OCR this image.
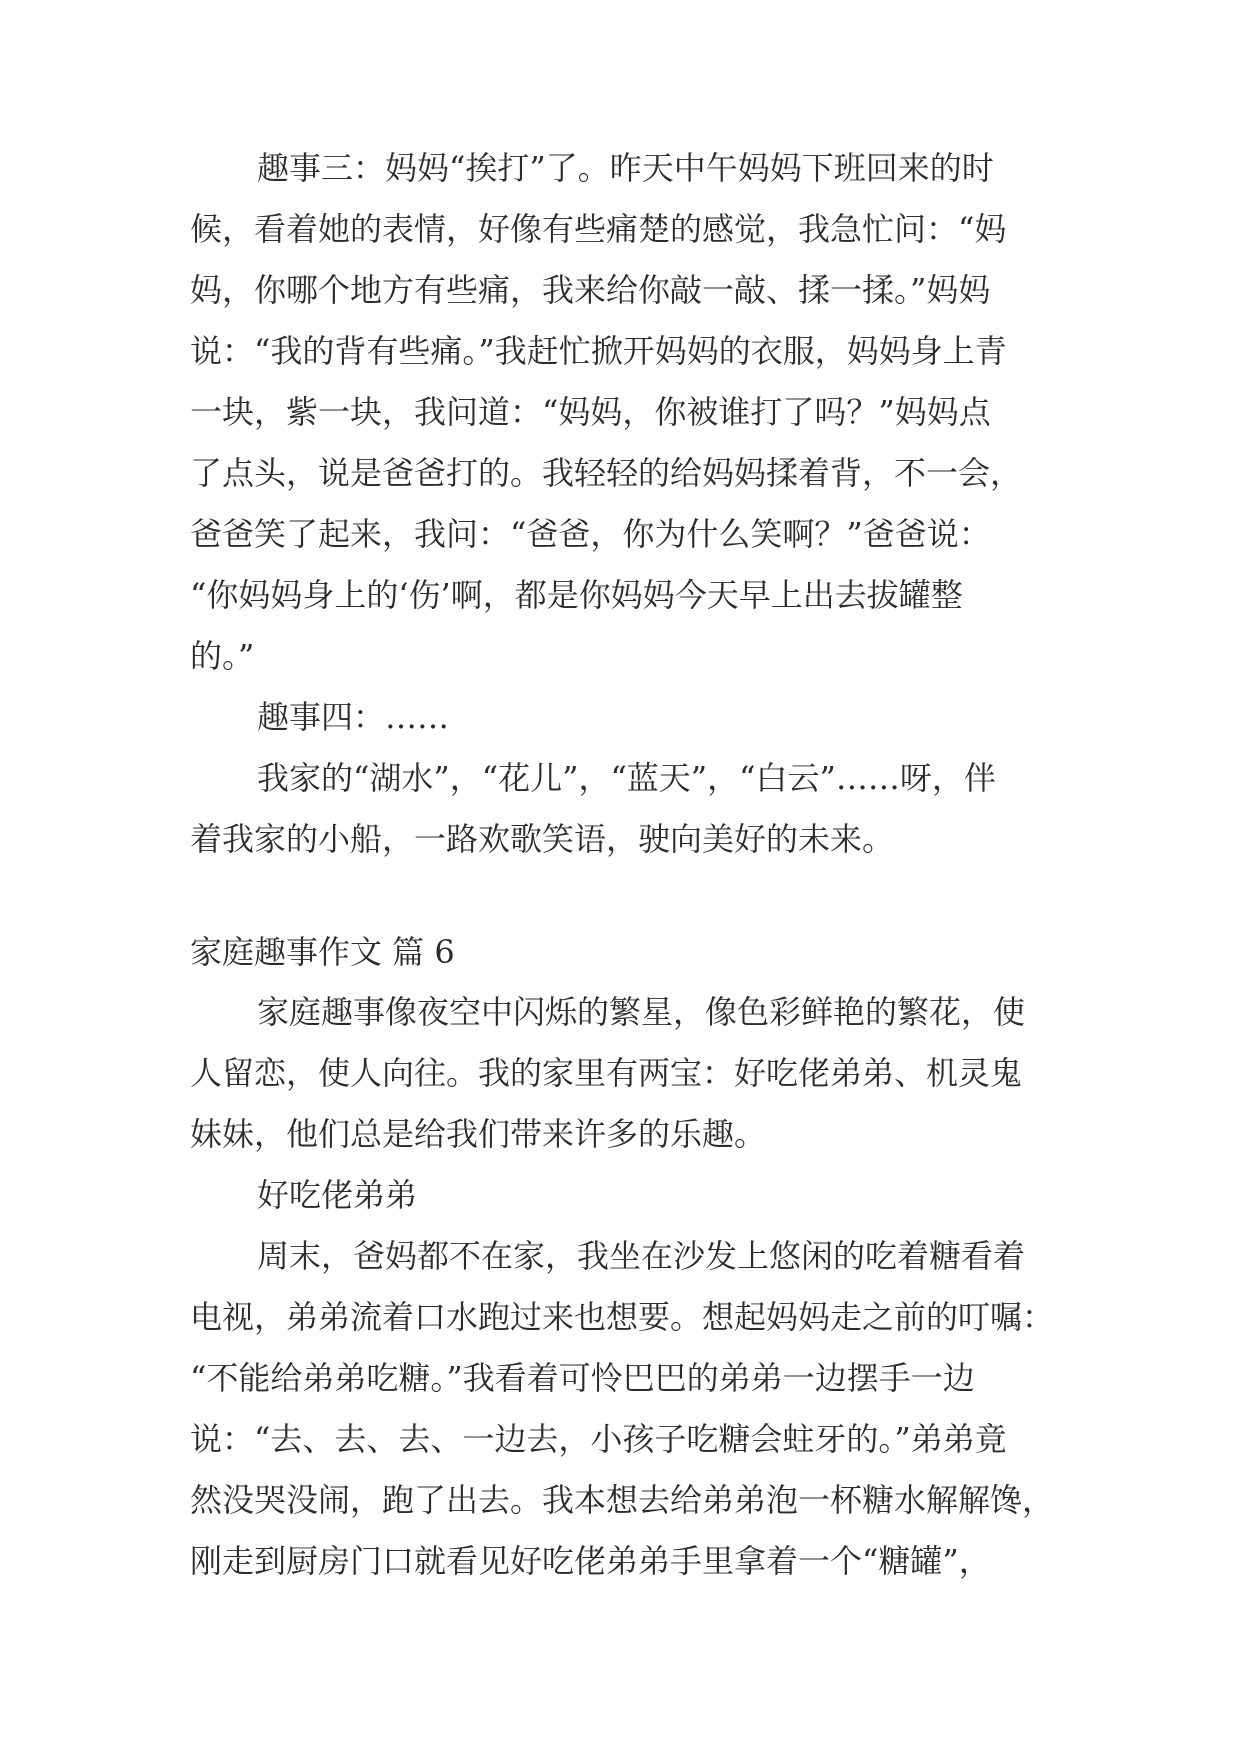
趣事三：妈妈“挨打”了。昨天中午妈妈下班回来的时
候，看着她的表情，好像有些痛楚的感觉，我急忙问：“妈
妈，你哪个地方有些痛，我来给你敲一敲、揉一揉。”妈妈
说：“我的背有些痛。”我赶忙掀开妈妈的衣服，妈妈身上青
一块，紫一块，我问道：“妈妈，你被谁打了吗？”妈妈点
了点头，说是爸爸打的。我轻轻的给妈妈揉着背，不一会，
爸爸笑了起来，我问：“爸爸，你为什么笑啊？”爸爸说：
“你妈妈身上的‘伤’啊，都是你妈妈今天早上出去拔罐整
的。”
趣事四：……
我家的“湖水”，“花儿”，“蓝天”，“白云”……呀，伴
着我家的小船，一路欢歌笑语，驶向美好的未来。
家庭趣事作文 篇 6
家庭趣事像夜空中闪烁的繁星，像色彩鲜艳的繁花，使
人留恋，使人向往。我的家里有两宝：好吃佬弟弟、机灵鬼
妹妹，他们总是给我们带来许多的乐趣。
好吃佬弟弟
周末，爸妈都不在家，我坐在沙发上悠闲的吃着糖看着
电视，弟弟流着口水跑过来也想要。想起妈妈走之前的叮嘱：
“不能给弟弟吃糖。”我看着可怜巴巴的弟弟一边摆手一边
说：“去、去、去、一边去，小孩子吃糖会蛀牙的。”弟弟竟
然没哭没闹，跑了出去。我本想去给弟弟泡一杯糖水解解馋，
刚走到厨房门口就看见好吃佬弟弟手里拿着一个“糖罐”，
